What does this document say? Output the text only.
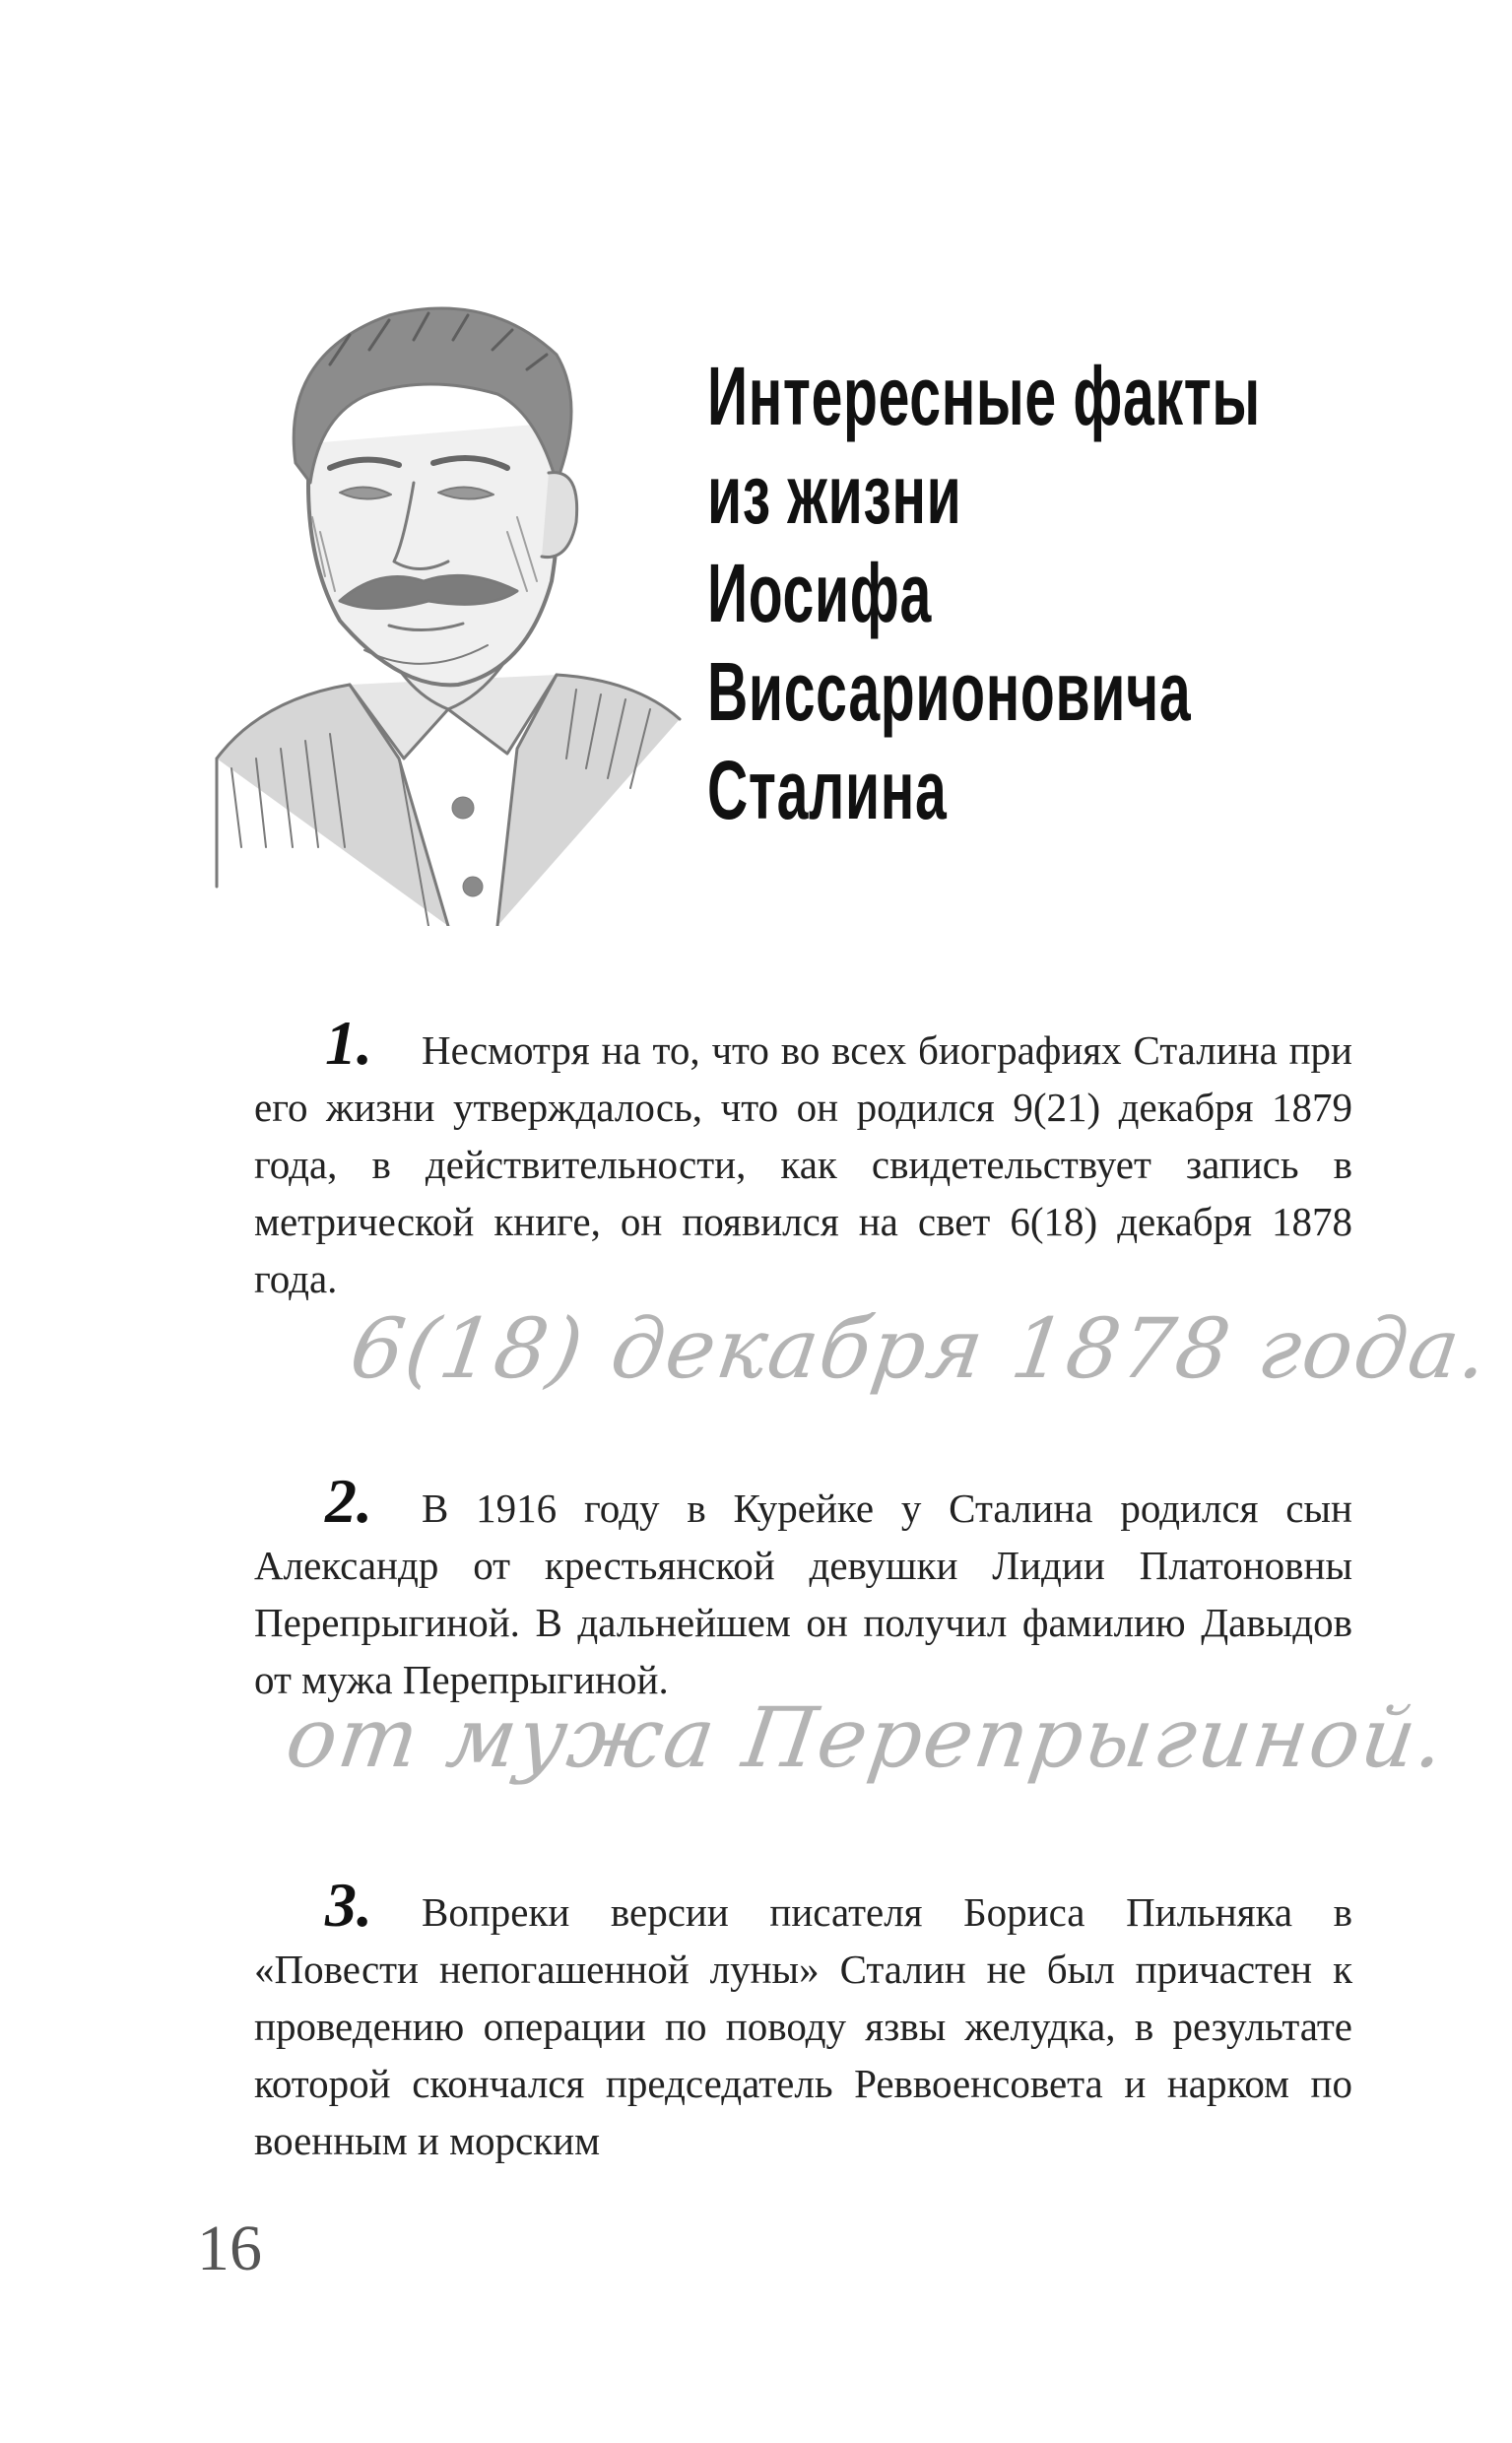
Интересные факты
из жизни
Иосифа
Виссарионовича
Сталина

1. Несмотря на то, что во всех биографиях Сталина при его жизни утверждалось, что он родился 9(21) декабря 1879 года, в действительности, как свидетельствует запись в метрической книге, он появился на свет 6(18) декабря 1878 года.

6(18) декабря 1878 года.

2. В 1916 году в Курейке у Сталина родился сын Александр от крестьянской девушки Лидии Платоновны Перепрыгиной. В дальнейшем он получил фамилию Давыдов от мужа Перепрыгиной.

от мужа Перепрыгиной.

3. Вопреки версии писателя Бориса Пильняка в «Повести непогашенной луны» Сталин не был причастен к проведению операции по поводу язвы желудка, в результате которой скончался председатель Реввоенсовета и нарком по военным и морским

16
